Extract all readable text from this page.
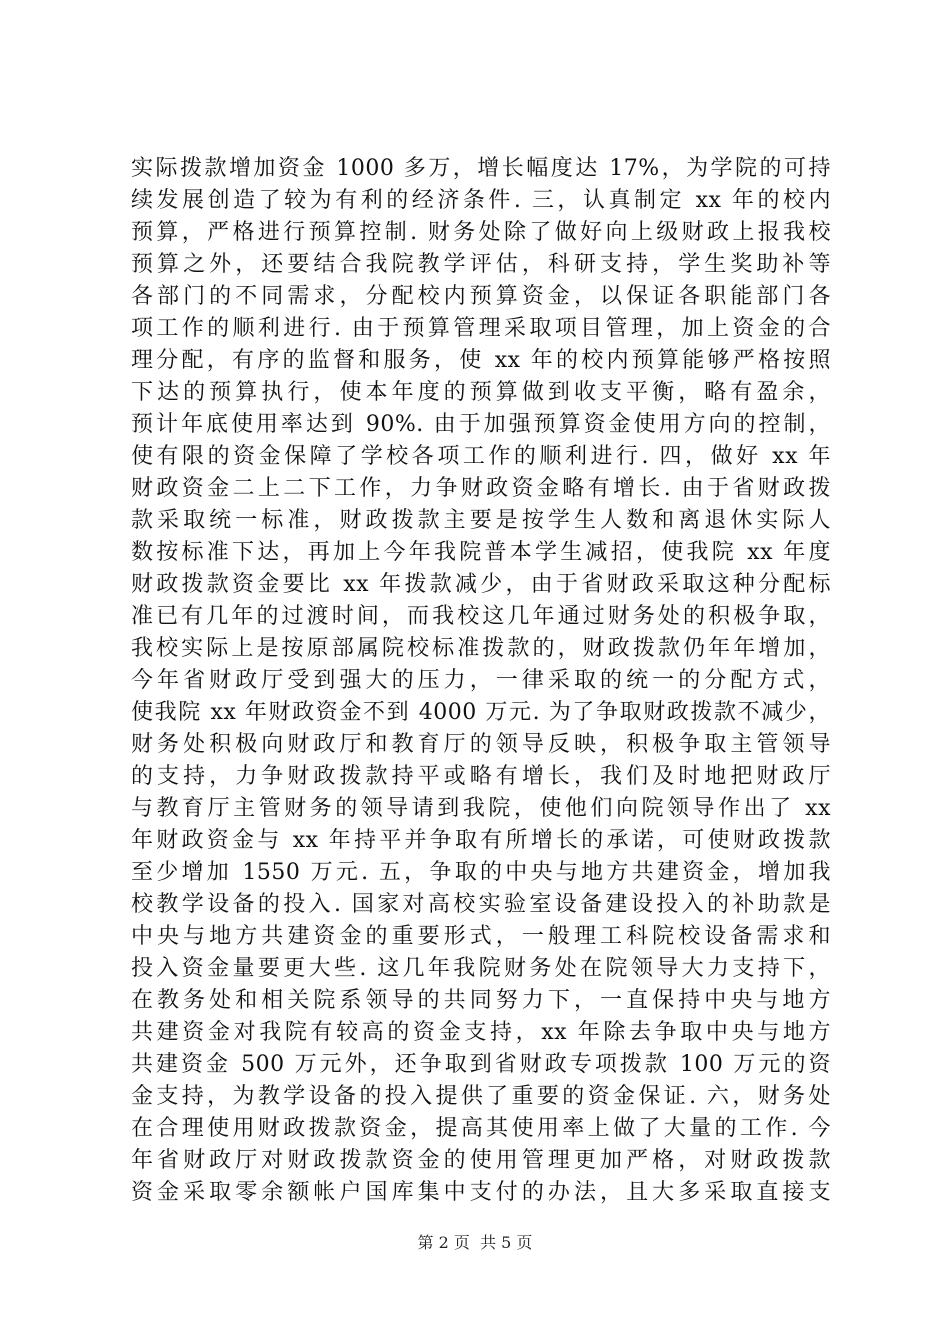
实际拨款增加资金 1000 多万，增长幅度达 17%，为学院的可持
续发展创造了较为有利的经济条件. 三，认真制定 xx 年的校内
预算，严格进行预算控制. 财务处除了做好向上级财政上报我校
预算之外，还要结合我院教学评估，科研支持，学生奖助补等
各部门的不同需求，分配校内预算资金，以保证各职能部门各
项工作的顺利进行. 由于预算管理采取项目管理，加上资金的合
理分配，有序的监督和服务，使 xx 年的校内预算能够严格按照
下达的预算执行，使本年度的预算做到收支平衡，略有盈余，
预计年底使用率达到 90%. 由于加强预算资金使用方向的控制，
使有限的资金保障了学校各项工作的顺利进行. 四，做好 xx 年
财政资金二上二下工作，力争财政资金略有增长. 由于省财政拨
款采取统一标准，财政拨款主要是按学生人数和离退休实际人
数按标准下达，再加上今年我院普本学生减招，使我院 xx 年度
财政拨款资金要比 xx 年拨款减少，由于省财政采取这种分配标
准已有几年的过渡时间，而我校这几年通过财务处的积极争取，
我校实际上是按原部属院校标准拨款的，财政拨款仍年年增加，
今年省财政厅受到强大的压力，一律采取的统一的分配方式，
使我院 xx 年财政资金不到 4000 万元. 为了争取财政拨款不减少，
财务处积极向财政厅和教育厅的领导反映，积极争取主管领导
的支持，力争财政拨款持平或略有增长，我们及时地把财政厅
与教育厅主管财务的领导请到我院，使他们向院领导作出了 xx
年财政资金与 xx 年持平并争取有所增长的承诺，可使财政拨款
至少增加 1550 万元. 五，争取的中央与地方共建资金，增加我
校教学设备的投入. 国家对高校实验室设备建设投入的补助款是
中央与地方共建资金的重要形式，一般理工科院校设备需求和
投入资金量要更大些. 这几年我院财务处在院领导大力支持下，
在教务处和相关院系领导的共同努力下，一直保持中央与地方
共建资金对我院有较高的资金支持，xx 年除去争取中央与地方
共建资金 500 万元外，还争取到省财政专项拨款 100 万元的资
金支持，为教学设备的投入提供了重要的资金保证. 六，财务处
在合理使用财政拨款资金，提高其使用率上做了大量的工作. 今
年省财政厅对财政拨款资金的使用管理更加严格，对财政拨款
资金采取零余额帐户国库集中支付的办法，且大多采取直接支
第 2 页  共 5 页
